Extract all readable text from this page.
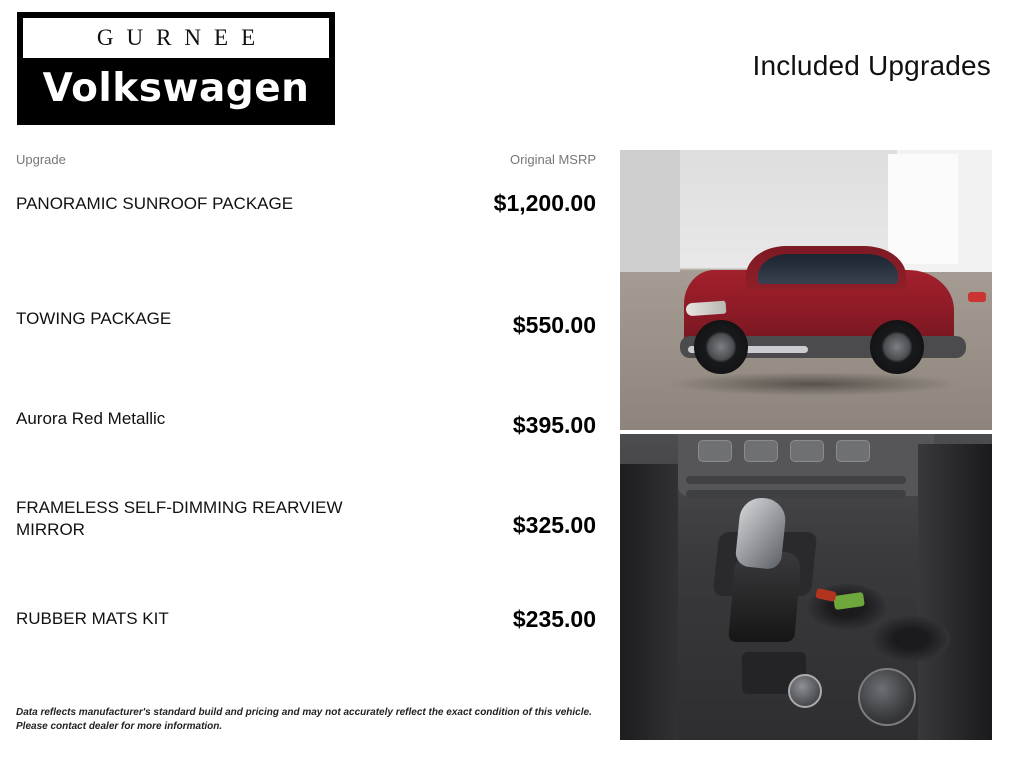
GURNEE
Volkswagen
Included Upgrades
Upgrade	Original MSRP
PANORAMIC SUNROOF PACKAGE	$1,200.00
TOWING PACKAGE	$550.00
Aurora Red Metallic	$395.00
FRAMELESS SELF-DIMMING REARVIEW MIRROR	$325.00
RUBBER MATS KIT	$235.00
Data reflects manufacturer's standard build and pricing and may not accurately reflect the exact condition of this vehicle.
Please contact dealer for more information.
